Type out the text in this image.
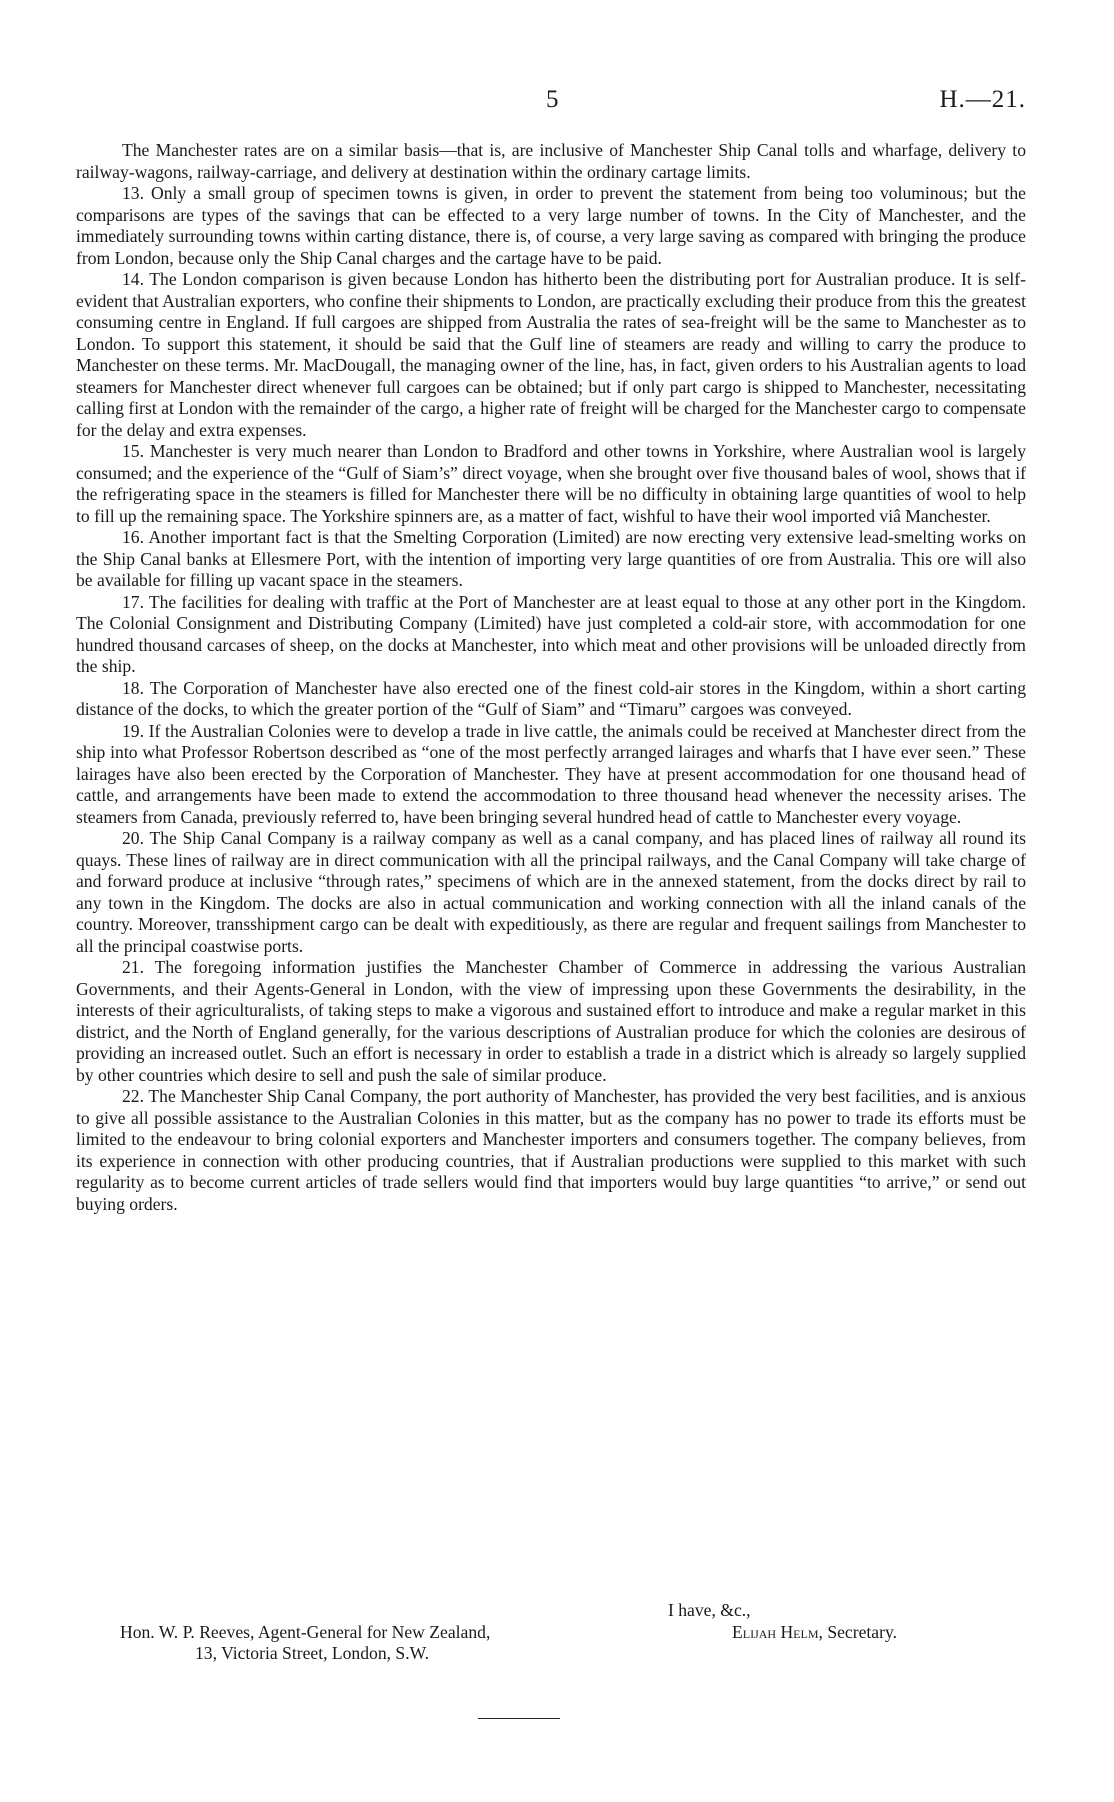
5	H.—21.

The Manchester rates are on a similar basis—that is, are inclusive of Manchester Ship Canal tolls and wharfage, delivery to railway-wagons, railway-carriage, and delivery at destination within the ordinary cartage limits.

13. Only a small group of specimen towns is given, in order to prevent the statement from being too voluminous; but the comparisons are types of the savings that can be effected to a very large number of towns. In the City of Manchester, and the immediately surrounding towns within carting distance, there is, of course, a very large saving as compared with bringing the produce from London, because only the Ship Canal charges and the cartage have to be paid.

14. The London comparison is given because London has hitherto been the distributing port for Australian produce. It is self-evident that Australian exporters, who confine their shipments to London, are practically excluding their produce from this the greatest consuming centre in England. If full cargoes are shipped from Australia the rates of sea-freight will be the same to Manchester as to London. To support this statement, it should be said that the Gulf line of steamers are ready and willing to carry the produce to Manchester on these terms. Mr. MacDougall, the managing owner of the line, has, in fact, given orders to his Australian agents to load steamers for Manchester direct whenever full cargoes can be obtained; but if only part cargo is shipped to Manchester, necessitating calling first at London with the remainder of the cargo, a higher rate of freight will be charged for the Manchester cargo to compensate for the delay and extra expenses.

15. Manchester is very much nearer than London to Bradford and other towns in Yorkshire, where Australian wool is largely consumed; and the experience of the “Gulf of Siam’s” direct voyage, when she brought over five thousand bales of wool, shows that if the refrigerating space in the steamers is filled for Manchester there will be no difficulty in obtaining large quantities of wool to help to fill up the remaining space. The Yorkshire spinners are, as a matter of fact, wishful to have their wool imported viâ Manchester.

16. Another important fact is that the Smelting Corporation (Limited) are now erecting very extensive lead-smelting works on the Ship Canal banks at Ellesmere Port, with the intention of importing very large quantities of ore from Australia. This ore will also be available for filling up vacant space in the steamers.

17. The facilities for dealing with traffic at the Port of Manchester are at least equal to those at any other port in the Kingdom. The Colonial Consignment and Distributing Company (Limited) have just completed a cold-air store, with accommodation for one hundred thousand carcases of sheep, on the docks at Manchester, into which meat and other provisions will be unloaded directly from the ship.

18. The Corporation of Manchester have also erected one of the finest cold-air stores in the Kingdom, within a short carting distance of the docks, to which the greater portion of the “Gulf of Siam” and “Timaru” cargoes was conveyed.

19. If the Australian Colonies were to develop a trade in live cattle, the animals could be received at Manchester direct from the ship into what Professor Robertson described as “one of the most perfectly arranged lairages and wharfs that I have ever seen.” These lairages have also been erected by the Corporation of Manchester. They have at present accommodation for one thousand head of cattle, and arrangements have been made to extend the accommodation to three thousand head whenever the necessity arises. The steamers from Canada, previously referred to, have been bringing several hundred head of cattle to Manchester every voyage.

20. The Ship Canal Company is a railway company as well as a canal company, and has placed lines of railway all round its quays. These lines of railway are in direct communication with all the principal railways, and the Canal Company will take charge of and forward produce at inclusive “through rates,” specimens of which are in the annexed statement, from the docks direct by rail to any town in the Kingdom. The docks are also in actual communication and working connection with all the inland canals of the country. Moreover, transshipment cargo can be dealt with expeditiously, as there are regular and frequent sailings from Manchester to all the principal coastwise ports.

21. The foregoing information justifies the Manchester Chamber of Commerce in addressing the various Australian Governments, and their Agents-General in London, with the view of impressing upon these Governments the desirability, in the interests of their agriculturalists, of taking steps to make a vigorous and sustained effort to introduce and make a regular market in this district, and the North of England generally, for the various descriptions of Australian produce for which the colonies are desirous of providing an increased outlet. Such an effort is necessary in order to establish a trade in a district which is already so largely supplied by other countries which desire to sell and push the sale of similar produce.

22. The Manchester Ship Canal Company, the port authority of Manchester, has provided the very best facilities, and is anxious to give all possible assistance to the Australian Colonies in this matter, but as the company has no power to trade its efforts must be limited to the endeavour to bring colonial exporters and Manchester importers and consumers together. The company believes, from its experience in connection with other producing countries, that if Australian productions were supplied to this market with such regularity as to become current articles of trade sellers would find that importers would buy large quantities “to arrive,” or send out buying orders.

I have, &c.,
Hon. W. P. Reeves, Agent-General for New Zealand,
13, Victoria Street, London, S.W.
Elijah Helm, Secretary.
